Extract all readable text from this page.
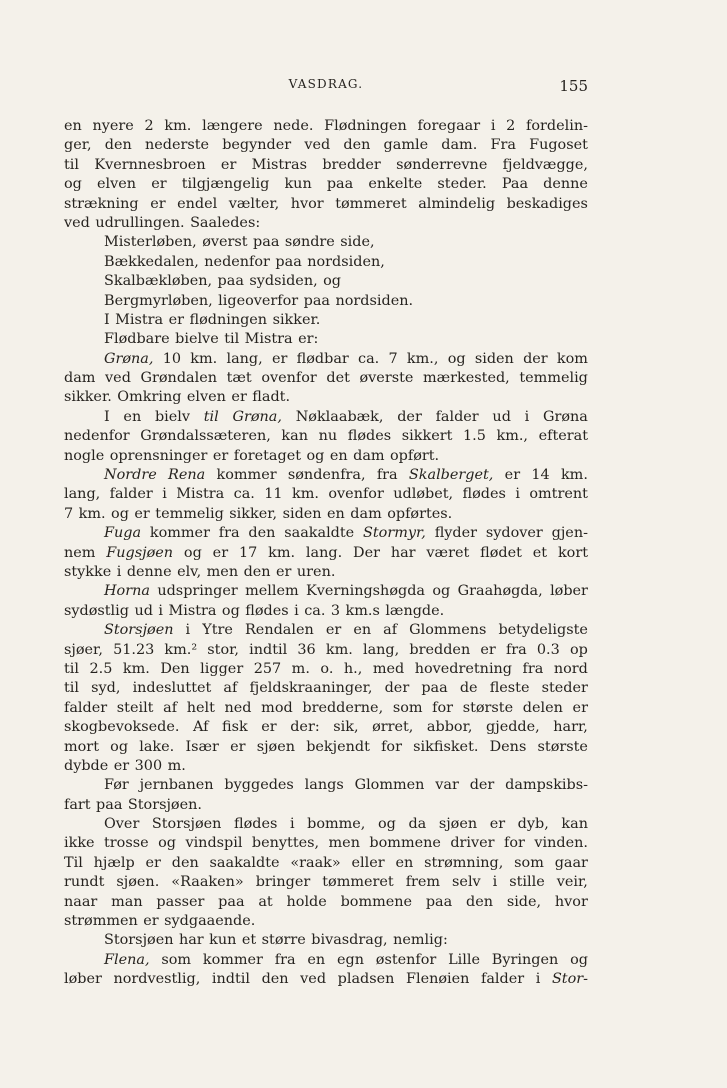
VASDRAG.	155
en nyere 2 km. længere nede. Flødningen foregaar i 2 fordelin-
ger, den nederste begynder ved den gamle dam. Fra Fugoset
til Kvernnesbroen er Mistras bredder sønderrevne fjeldvægge,
og elven er tilgjængelig kun paa enkelte steder. Paa denne
strækning er endel vælter, hvor tømmeret almindelig beskadiges
ved udrullingen. Saaledes:
Misterløben, øverst paa søndre side,
Bækkedalen, nedenfor paa nordsiden,
Skalbækløben, paa sydsiden, og
Bergmyrløben, ligeoverfor paa nordsiden.
I Mistra er flødningen sikker.
Flødbare bielve til Mistra er:
Grøna, 10 km. lang, er flødbar ca. 7 km., og siden der kom
dam ved Grøndalen tæt ovenfor det øverste mærkested, temmelig
sikker. Omkring elven er fladt.
I en bielv til Grøna, Nøklaabæk, der falder ud i Grøna
nedenfor Grøndalssæteren, kan nu flødes sikkert 1.5 km., efterat
nogle oprensninger er foretaget og en dam opført.
Nordre Rena kommer søndenfra, fra Skalberget, er 14 km.
lang, falder i Mistra ca. 11 km. ovenfor udløbet, flødes i omtrent
7 km. og er temmelig sikker, siden en dam opførtes.
Fuga kommer fra den saakaldte Stormyr, flyder sydover gjen-
nem Fugsjøen og er 17 km. lang. Der har været flødet et kort
stykke i denne elv, men den er uren.
Horna udspringer mellem Kverningshøgda og Graahøgda, løber
sydøstlig ud i Mistra og flødes i ca. 3 km.s længde.
Storsjøen i Ytre Rendalen er en af Glommens betydeligste
sjøer, 51.23 km.² stor, indtil 36 km. lang, bredden er fra 0.3 op
til 2.5 km. Den ligger 257 m. o. h., med hovedretning fra nord
til syd, indesluttet af fjeldskraaninger, der paa de fleste steder
falder steilt af helt ned mod bredderne, som for største delen er
skogbevoksede. Af fisk er der: sik, ørret, abbor, gjedde, harr,
mort og lake. Især er sjøen bekjendt for sikfisket. Dens største
dybde er 300 m.
Før jernbanen byggedes langs Glommen var der dampskibs-
fart paa Storsjøen.
Over Storsjøen flødes i bomme, og da sjøen er dyb, kan
ikke trosse og vindspil benyttes, men bommene driver for vinden.
Til hjælp er den saakaldte «raak» eller en strømning, som gaar
rundt sjøen. «Raaken» bringer tømmeret frem selv i stille veir,
naar man passer paa at holde bommene paa den side, hvor
strømmen er sydgaaende.
Storsjøen har kun et større bivasdrag, nemlig:
Flena, som kommer fra en egn østenfor Lille Byringen og
løber nordvestlig, indtil den ved pladsen Flenøien falder i Stor-
